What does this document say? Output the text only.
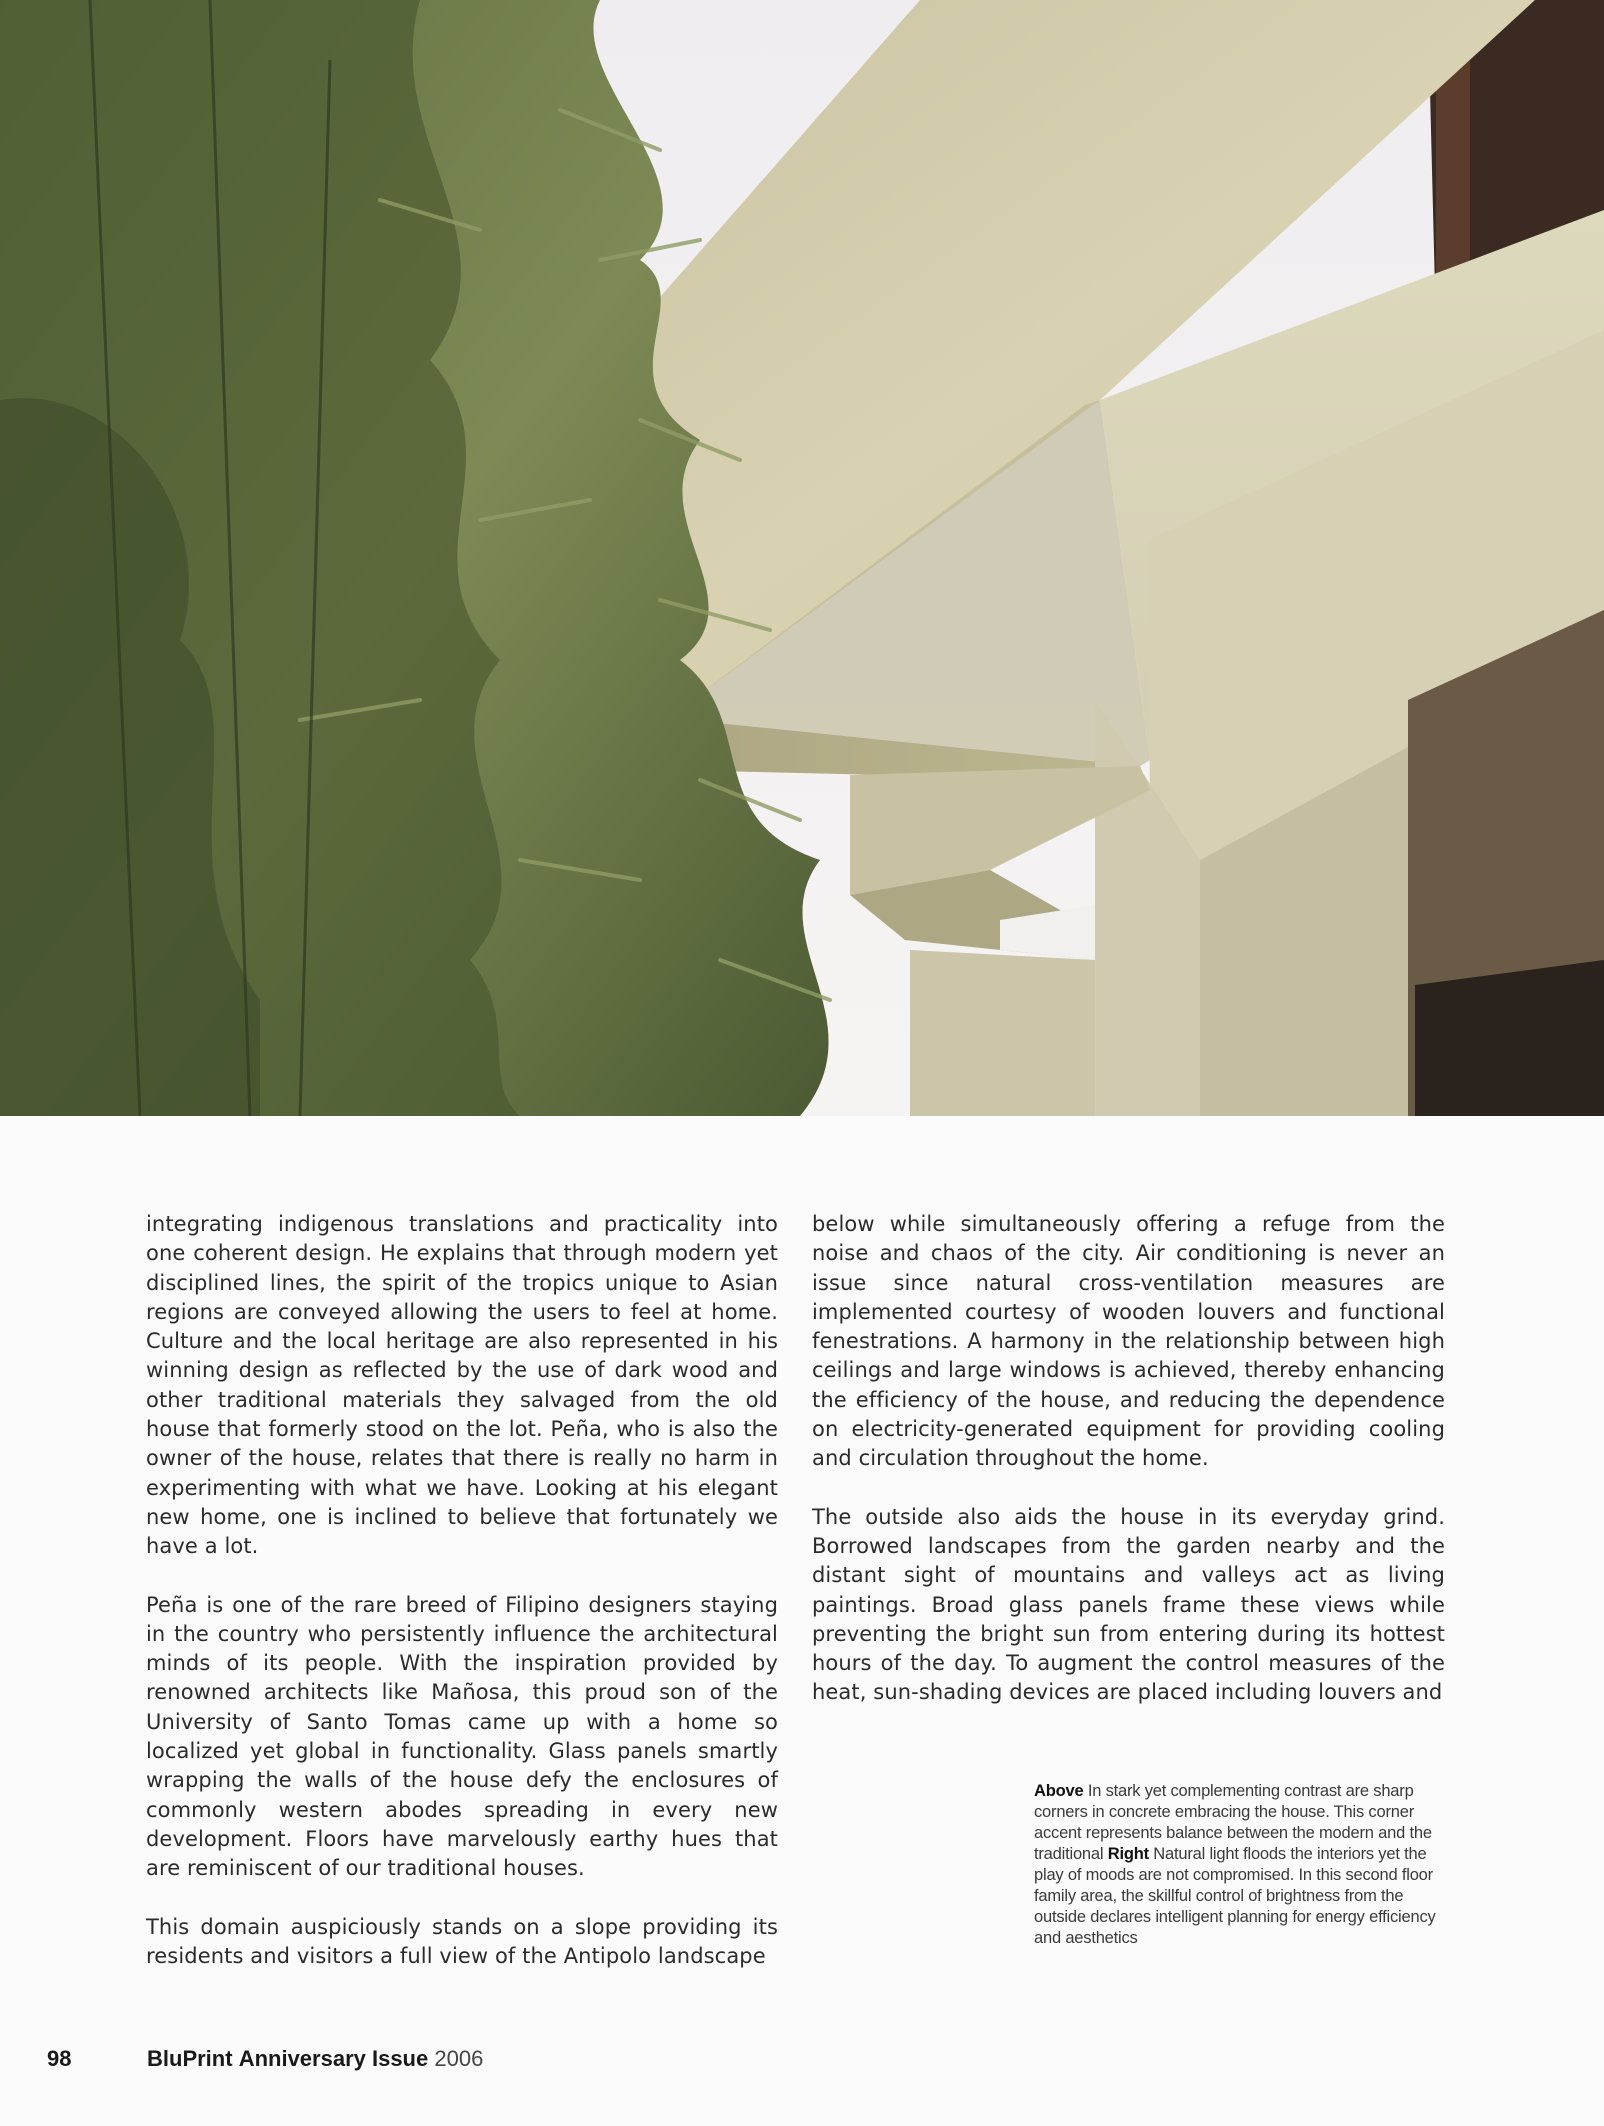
integrating indigenous translations and practicality into one coherent design. He explains that through modern yet disciplined lines, the spirit of the tropics unique to Asian regions are conveyed allowing the users to feel at home. Culture and the local heritage are also represented in his winning design as reflected by the use of dark wood and other traditional materials they salvaged from the old house that formerly stood on the lot. Peña, who is also the owner of the house, relates that there is really no harm in experimenting with what we have. Looking at his elegant new home, one is inclined to believe that fortunately we have a lot.

Peña is one of the rare breed of Filipino designers staying in the country who persistently influence the architectural minds of its people. With the inspiration provided by renowned architects like Mañosa, this proud son of the University of Santo Tomas came up with a home so localized yet global in functionality. Glass panels smartly wrapping the walls of the house defy the enclosures of commonly western abodes spreading in every new development. Floors have marvelously earthy hues that are reminiscent of our traditional houses.

This domain auspiciously stands on a slope providing its residents and visitors a full view of the Antipolo landscape

below while simultaneously offering a refuge from the noise and chaos of the city. Air conditioning is never an issue since natural cross-ventilation measures are implemented courtesy of wooden louvers and functional fenestrations. A harmony in the relationship between high ceilings and large windows is achieved, thereby enhancing the efficiency of the house, and reducing the dependence on electricity-generated equipment for providing cooling and circulation throughout the home.

The outside also aids the house in its everyday grind. Borrowed landscapes from the garden nearby and the distant sight of mountains and valleys act as living paintings. Broad glass panels frame these views while preventing the bright sun from entering during its hottest hours of the day. To augment the control measures of the heat, sun-shading devices are placed including louvers and

Above In stark yet complementing contrast are sharp corners in concrete embracing the house. This corner accent represents balance between the modern and the traditional Right Natural light floods the interiors yet the play of moods are not compromised. In this second floor family area, the skillful control of brightness from the outside declares intelligent planning for energy efficiency and aesthetics
98	BluPrint Anniversary Issue 2006
